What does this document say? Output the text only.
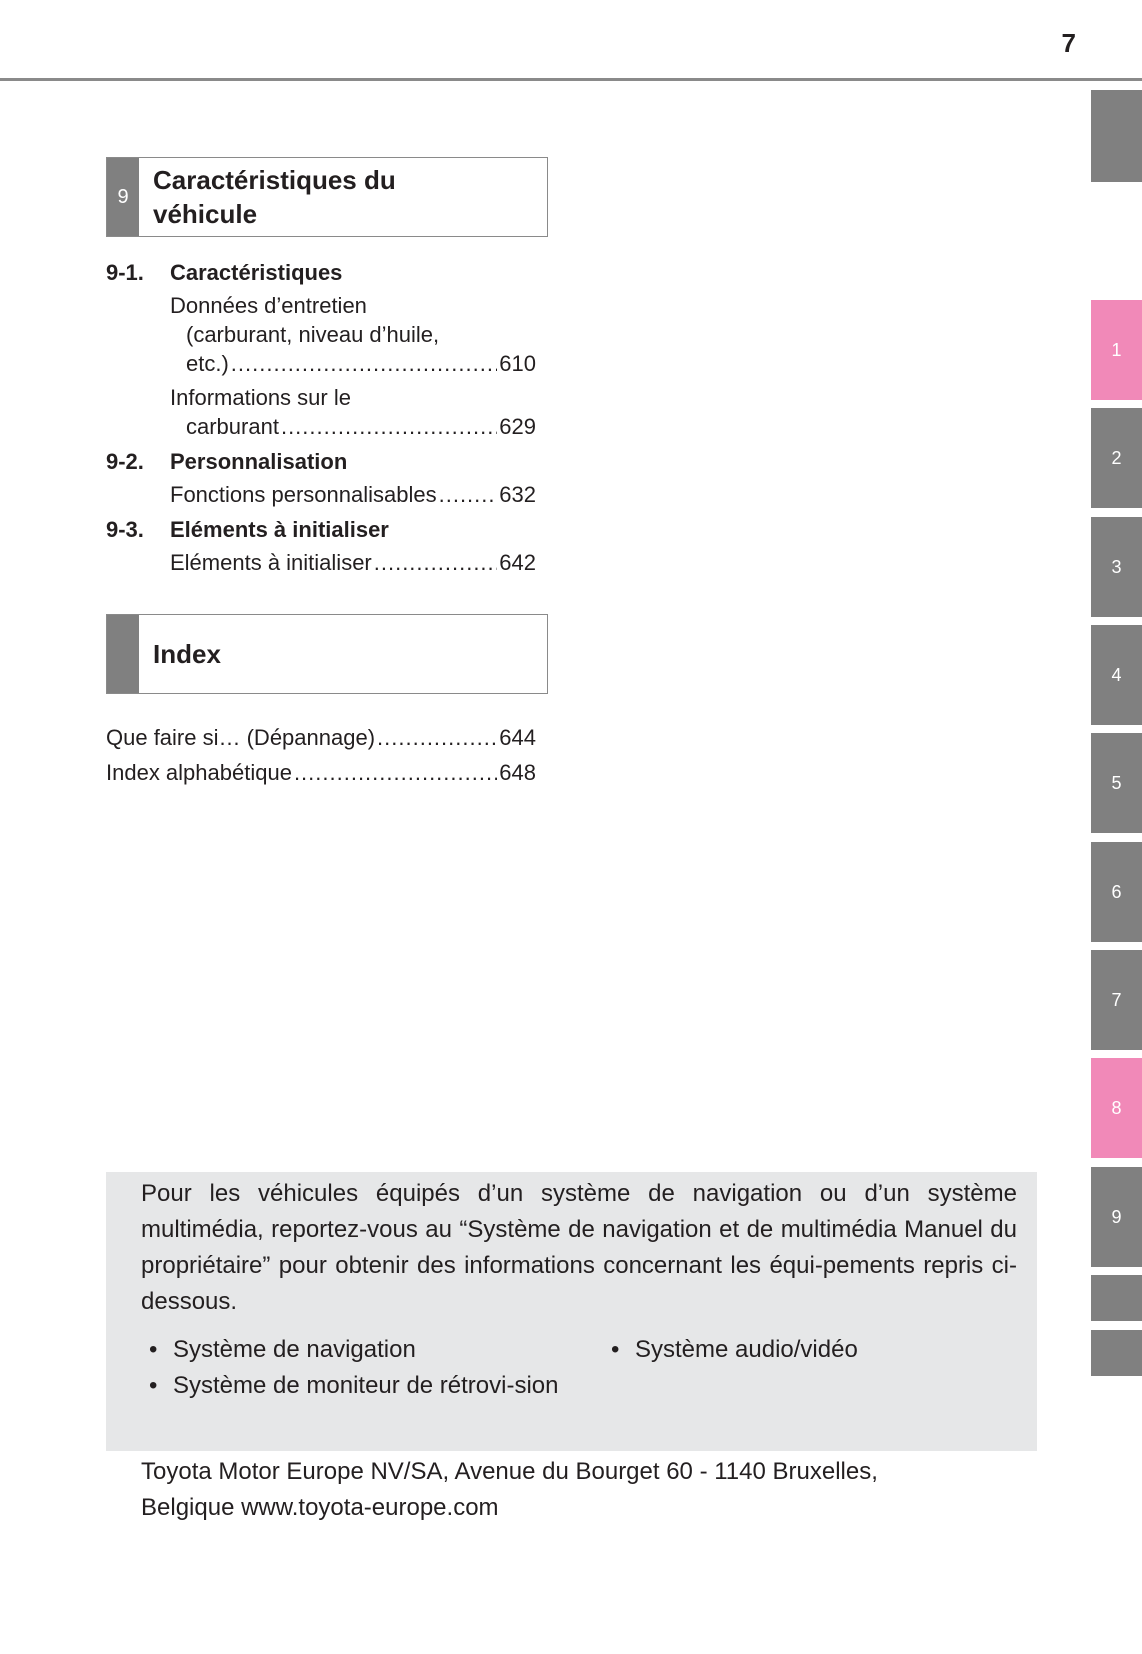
7
9
Caractéristiques du
véhicule
9-1.	Caractéristiques
Données d’entretien
(carburant, niveau d’huile,
etc.) .....	610
Informations sur le
carburant .....	629
9-2.	Personnalisation
Fonctions personnalisables .....	632
9-3.	Eléments à initialiser
Eléments à initialiser .....	642
Index
Que faire si… (Dépannage) .....	644
Index alphabétique .....	648
1
2
3
4
5
6
7
8
9

Pour les véhicules équipés d’un système de navigation ou d’un système multimédia, reportez-vous au “Système de navigation et de multimédia Manuel du propriétaire” pour obtenir des informations concernant les équi-pements repris ci-dessous.

• Système de navigation
• Système de moniteur de rétrovi-sion
• Système audio/vidéo
Toyota Motor Europe NV/SA, Avenue du Bourget 60 - 1140 Bruxelles,
Belgique www.toyota-europe.com
